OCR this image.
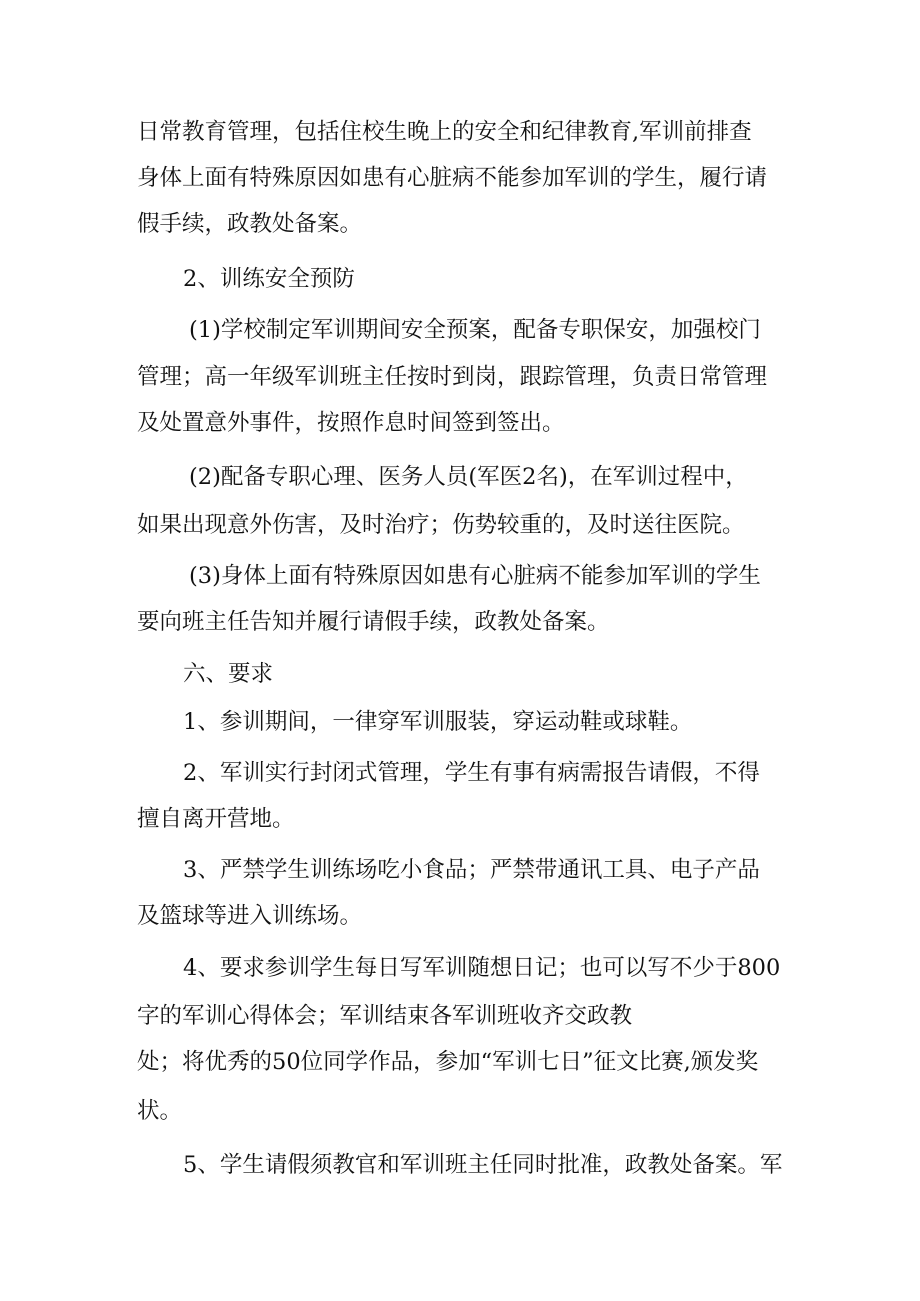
日常教育管理，包括住校生晚上的安全和纪律教育,军训前排查
身体上面有特殊原因如患有心脏病不能参加军训的学生，履行请
假手续，政教处备案。
2、训练安全预防
(1)学校制定军训期间安全预案，配备专职保安，加强校门
管理；高一年级军训班主任按时到岗，跟踪管理，负责日常管理
及处置意外事件，按照作息时间签到签出。
(2)配备专职心理、医务人员(军医2名)，在军训过程中，
如果出现意外伤害，及时治疗；伤势较重的，及时送往医院。
(3)身体上面有特殊原因如患有心脏病不能参加军训的学生
要向班主任告知并履行请假手续，政教处备案。
六、要求
1、参训期间，一律穿军训服装，穿运动鞋或球鞋。
2、军训实行封闭式管理，学生有事有病需报告请假，不得
擅自离开营地。
3、严禁学生训练场吃小食品；严禁带通讯工具、电子产品
及篮球等进入训练场。
4、要求参训学生每日写军训随想日记；也可以写不少于800
字的军训心得体会；军训结束各军训班收齐交政教
处；将优秀的50位同学作品，参加“军训七日”征文比赛,颁发奖
状。
5、学生请假须教官和军训班主任同时批准，政教处备案。军
